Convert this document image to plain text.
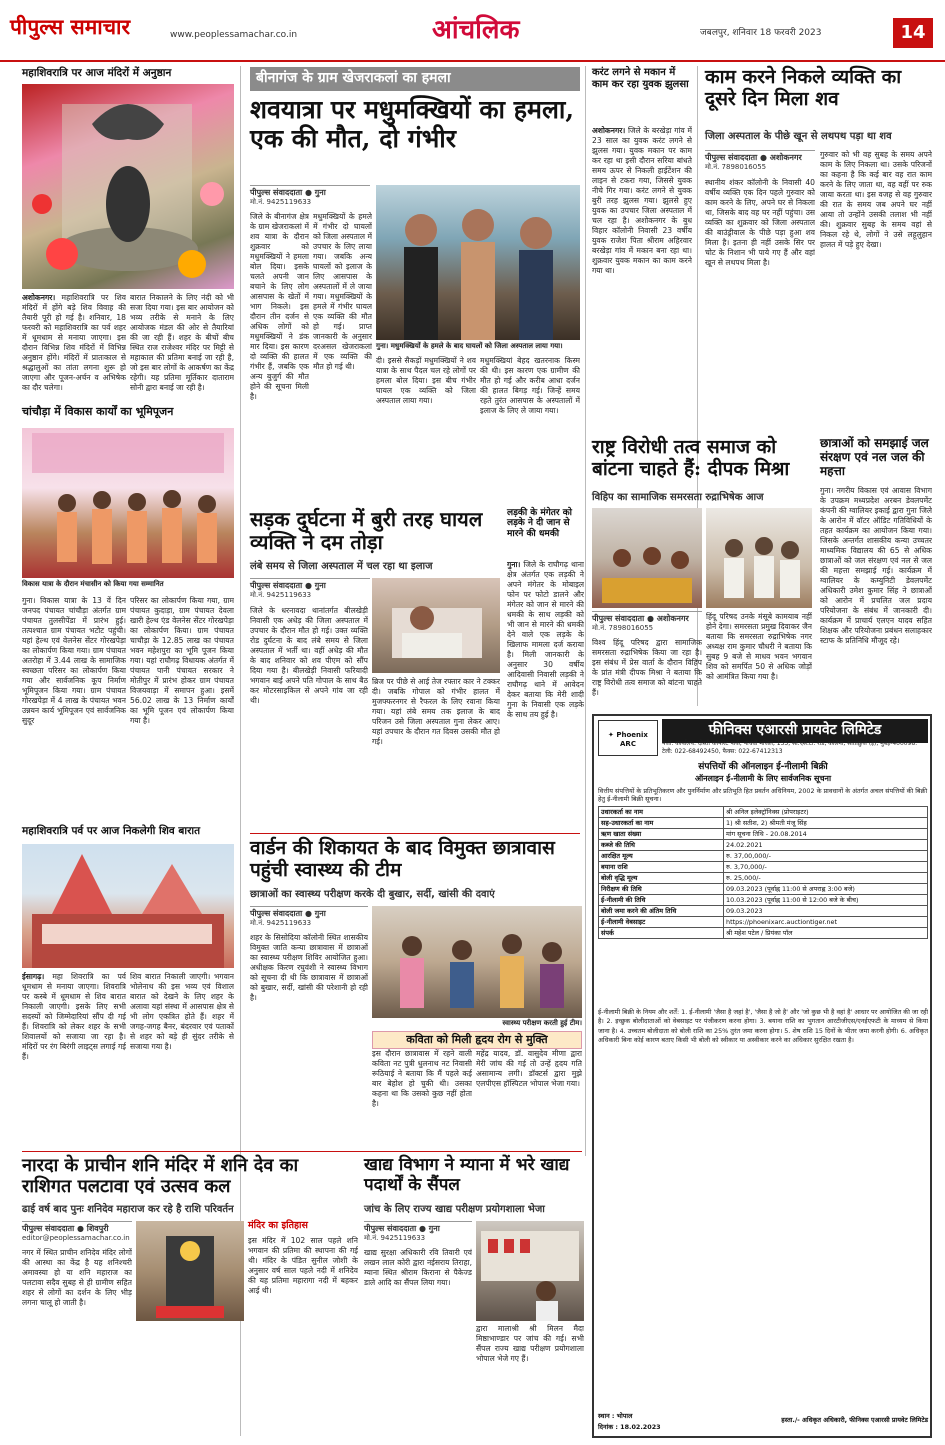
पीपुल्स समाचार	www.peoplessamachar.co.in	आंचलिक	जबलपुर, शनिवार 18 फरवरी 2023	14
महाशिवरात्रि पर आज मंदिरों में अनुष्ठान
अशोकनगर। महाशिवरात्रि पर शिव मंदिरों में होंगे बड़े शिव विवाह की तैयारी पूरी हो गई है। शनिवार, 18 फरवरी को महाशिवरात्रि का पर्व शहर में धूमधाम से मनाया जाएगा। इस दौरान विभिन्न शिव मंदिरों में विभिन्न अनुष्ठान होंगे। मंदिरों में प्रातःकाल से श्रद्धालुओं का तांता लगना शुरू हो जाएगा और पूजन-अर्चन व अभिषेक का दौर चलेगा।
बारात निकालने के लिए नंदी को भी सजा दिया गया। इस बार आयोजन को भव्य तरीके से मनाने के लिए आयोजक मंडल की ओर से तैयारियां की जा रही हैं। शहर के बीचों बीच स्थित राज राजेश्वर मंदिर पर मिट्टी से महाकाल की प्रतिमा बनाई जा रही है, जो इस बार लोगों के आकर्षण का केंद्र रहेगी। यह प्रतिमा मूर्तिकार दाताराम सोनी द्वारा बनाई जा रही है।
चांचौड़ा में विकास कार्यों का भूमिपूजन
विकास यात्रा के दौरान मंचासीन को किया गया सम्मानित
गुना। विकास यात्रा के 13 वें दिन जनपद पंचायत चांचौड़ा अंतर्गत ग्राम पंचायत तुलसीपेंडा में प्रारंभ हुई। तत्पश्चात ग्राम पंचायत भटोट पहुंची। यहां हेल्थ एवं वेलनेस सेंटर गोरखपेड़ा का लोकार्पण किया गया। ग्राम पंचायत अतरोहा में 3.44 लाख के सामाजिक स्वच्छता परिसर का लोकार्पण किया गया और सार्वजनिक कूप निर्माण भूमिपूजन किया गया। ग्राम पंचायत गोरखपेड़ा में 4 लाख के पंचायत भवन उन्नयन कार्य भूमिपूजन एवं सार्वजनिक सुदूर
परिसर का लोकार्पण किया गया, ग्राम पंचायत कुदाड़ा, ग्राम पंचायत देवला खारी हेल्थ एंड वेलनेस सेंटर गोरखपेड़ा का लोकार्पण किया। ग्राम पंचायत चाचौड़ा के 12.85 लाख का पंचायत भवन महेशपुरा का भूमि पूजन किया गया। यहां राघौगढ़ विधायक अंतर्गत में पंचायत पानी पंचायत सरकार ने मोतीपुर में प्रारंभ होकर ग्राम पंचायत विजयवाड़ा में समापन हुआ। इसमें 56.02 लाख के 13 निर्माण कार्यों का भूमि पूजन एवं लोकार्पण किया गया है।
महाशिवरात्रि पर्व पर आज निकलेगी शिव बारात
ईसागढ़। महा शिवरात्रि का पर्व धूमधाम से मनाया जाएगा। शिवरात्रि पर कस्बे में धूमधाम से शिव बारात निकाली जाएगी। इसके लिए सभी सदस्यों को जिम्मेदारियां सौंप दी गई हैं। शिवरात्रि को लेकर शहर के सभी शिवालयों को सजाया जा रहा है। मंदिरों पर रंग बिरंगी लाइट्स लगाई गई हैं।
शिव बारात निकाली जाएगी। भगवान भोलेनाथ की इस भव्य एवं विशाल बारात को देखने के लिए शहर के अलावा यहां संस्था में आसपास क्षेत्र से भी लोग एकत्रित होते हैं। शहर में जगह-जगह बैनर, बंदरवार एवं पताकों से शहर को बड़े ही सुंदर तरीके से सजाया गया है।
बीनागंज के ग्राम खेजराकलां का हमला
शवयात्रा पर मधुमक्खियों का हमला, एक की मौत, दो गंभीर
पीपुल्स संवाददाता ● गुना
मो.नं. 9425119633
गुना। मधुमक्खियों के हमले के बाद घायलों को जिला अस्पताल लाया गया।
जिले के बीनागंज क्षेत्र के ग्राम खेजराकलां में शव यात्रा के दौरान शुक्रवार को मधुमक्खियों ने हमला बोल दिया। इसके चलते अपनी जान बचाने के लिए लोग आसपास के खेतों में भाग निकले। इस दौरान तीन दर्जन से अधिक लोगों को मधुमक्खियों ने डंक मार दिया। इस कारण दो व्यक्ति की हालत गंभीर हैं, जबकि एक अन्य बुजुर्ग की मौत होने की सूचना मिली है।
मधुमक्खियों के हमले में गंभीर दो घायलों को जिला अस्पताल में उपचार के लिए लाया गया। जबकि अन्य घायलों को इलाज के लिए आसपास के अस्पतालों में ले जाया गया। मधुमक्खियों के हमले में गंभीर घायल एक व्यक्ति की मौत हो गई। प्राप्त जानकारी के अनुसार दरअसल खेजराकलां में एक व्यक्ति की मौत हो गई थी।
दी। इससे सैकड़ों मधुमक्खियों ने शव यात्रा के साथ पैदल चल रहे लोगों पर हमला बोल दिया। इस बीच गंभीर घायल एक व्यक्ति को जिला अस्पताल लाया गया।
मधुमक्खियां बेहद खतरनाक किस्म की थी। इस कारण एक ग्रामीण की मौत हो गई और करीब आधा दर्जन की हालत बिगड़ गई। जिन्हें समय रहते तुरंत आसपास के अस्पतालों में इलाज के लिए ले जाया गया।
सड़क दुर्घटना में बुरी तरह घायल व्यक्ति ने दम तोड़ा
लंबे समय से जिला अस्पताल में चल रहा था इलाज
पीपुल्स संवाददाता ● गुना
मो.नं. 9425119633
जिले के धरनावदा थानांतर्गत बीलखेड़ी निवासी एक अधेड़ की जिला अस्पताल में उपचार के दौरान मौत हो गई। उक्त व्यक्ति रोड दुर्घटना के बाद लंबे समय से जिला अस्पताल में भर्ती था। वहीं अधेड़ की मौत के बाद शनिवार को शव पीएम को सौंप दिया गया है। बीलखेड़ी निवासी फरियादी भगवान बाई अपने पति गोपाल के साथ बैठ कर मोटरसाइकिल से अपने गांव जा रही थी।
ब्रिज पर पीछे से आई तेज रफ्तार कार ने टक्कर दी। जबकि गोपाल को गंभीर हालत में मुजफ्फरनगर से रैफरल के लिए रवाना किया गया। यहां लंबे समय तक इलाज के बाद परिजन उसे जिला अस्पताल गुना लेकर आए। यहां उपचार के दौरान गत दिवस उसकी मौत हो गई।
लड़की के मंगेतर को लड़के ने दी जान से मारने की धमकी
गुना। जिले के राघौगढ़ थाना क्षेत्र अंतर्गत एक लड़की ने अपने मंगेतर के मोबाइल फोन पर फोटो डालने और मंगेतर को जान से मारने की धमकी के साथ लड़की को भी जान से मारने की धमकी देने वाले एक लड़के के खिलाफ मामला दर्ज कराया है। मिली जानकारी के अनुसार 30 वर्षीय आदिवासी निवासी लड़की ने राघौगढ़ थाने में आवेदन देकर बताया कि मेरी शादी गुना के निवासी एक लड़के के साथ तय हुई है।
करंट लगने से मकान में काम कर रहा युवक झुलसा
अशोकनगर। जिले के बरखेड़ा गांव में 23 साल का युवक करंट लगने से झुलस गया। युवक मकान पर काम कर रहा था इसी दौरान सरिया बांधते समय ऊपर से निकली हाईटेंशन की लाइन से टकरा गया, जिससे युवक नीचे गिर गया। करंट लगने से युवक बुरी तरह झुलस गया। झुलसे हुए युवक का उपचार जिला अस्पताल में चल रहा है। अशोकनगर के बुध विहार कॉलोनी निवासी 23 वर्षीय युवक राजेश पिता श्रीराम अहिरवार बरखेड़ा गांव में मकान बना रहा था। शुक्रवार युवक मकान का काम करने गया था।
काम करने निकले व्यक्ति का दूसरे दिन मिला शव
जिला अस्पताल के पीछे खून से लथपथ पड़ा था शव
पीपुल्स संवाददाता ● अशोकनगर
मो.नं. 7898016055
स्थानीय शंकर कॉलोनी के निवासी 40 वर्षीय व्यक्ति एक दिन पहले गुरुवार को काम करने के लिए, अपने घर से निकला था, जिसके बाद वह घर नहीं पहुंचा। उस व्यक्ति का शुक्रवार को जिला अस्पताल की बाउंड्रीवाल के पीछे पड़ा हुआ शव मिला है। इतना ही नहीं उसके सिर पर चोट के निशान भी पाये गए हैं और वहां खून से लथपथ मिला है।
गुरुवार को भी वह सुबह के समय अपने काम के लिए निकला था। उसके परिजनों का कहना है कि कई बार वह रात काम करने के लिए जाता था, वह वहीं पर रुक जाया करता था। इस वजह से वह गुरुवार की रात के समय जब अपने घर नहीं आया तो उन्होंने उसकी तलाश भी नहीं की। शुक्रवार सुबह के समय वहां से निकल रहे थे, लोगों ने उसे लहूलुहान हालत में पड़े हुए देखा।
राष्ट्र विरोधी तत्व समाज को बांटना चाहते हैं: दीपक मिश्रा
विहिप का सामाजिक समरसता रुद्राभिषेक आज
पीपुल्स संवाददाता ● अशोकनगर
मो.नं. 7898016055
विश्व हिंदू परिषद द्वारा सामाजिक समरसता रुद्राभिषेक किया जा रहा है। इस संबंध में प्रेस वार्ता के दौरान विहिप के प्रांत मंत्री दीपक मिश्रा ने बताया कि राष्ट्र विरोधी तत्व समाज को बांटना चाहते हैं।
हिंदू परिषद उनके मंसूबे कामयाब नहीं होने देगा। समरसता प्रमुख दिवाकर जैन बताया कि समरसता रुद्राभिषेक नगर अध्यक्ष राम कुमार चौधरी ने बताया कि सुबह 9 बजे से माधव भवन भगवान शिव को समर्पित 50 से अधिक जोड़ों को आमंत्रित किया गया है।
छात्राओं को समझाई जल संरक्षण एवं नल जल की महत्ता
गुना। नगरीय विकास एवं आवास विभाग के उपक्रम मध्यप्रदेश अरबन डेवलपमेंट कंपनी की ग्वालियर इकाई द्वारा गुना जिले के आरोन में वॉटर ऑडिट गतिविधियों के तहत कार्यक्रम का आयोजन किया गया। जिसके अन्तर्गत शासकीय कन्या उच्चतर माध्यमिक विद्यालय की 65 से अधिक छात्राओं को जल संरक्षण एवं नल से जल की महत्ता समझाई गई। कार्यक्रम में ग्वालियर के कम्युनिटी डेवलपमेंट अधिकारी उमेश कुमार सिंह ने छात्राओं को आरोन में प्रचलित जल प्रदाय परियोजना के संबंध में जानकारी दी। कार्यक्रम में प्राचार्य एलएन यादव सहित शिक्षक और परियोजना प्रबंधन सलाहकार स्टाफ के प्रतिनिधि मौजूद रहे।
वार्डन की शिकायत के बाद विमुक्त छात्रावास पहुंची स्वास्थ्य की टीम
छात्राओं का स्वास्थ्य परीक्षण करके दी बुखार, सर्दी, खांसी की दवाएं
पीपुल्स संवाददाता ● गुना
मो.नं. 9425119633
शहर के सिसोदिया कॉलोनी स्थित शासकीय विमुक्त जाति कन्या छात्रावास में छात्राओं का स्वास्थ्य परीक्षण शिविर आयोजित हुआ। अधीक्षक किरण रघुवंशी ने स्वास्थ्य विभाग को सूचना दी थी कि छात्रावास में छात्राओं को बुखार, सर्दी, खांसी की परेशानी हो रही है।
स्वास्थ्य परीक्षण करती हुई टीम।
कविता को मिली हृदय रोग से मुक्ति
इस दौरान छात्रावास में रहने वाली कविता नट पुत्री धुलनाथ नट निवासी रूठियाई ने बताया कि मैं पहले कई बार बेहोश हो चुकी थी। उसका कहना था कि उसको कुछ नहीं होता है।
महेंद्र यादव, डॉ. वासुदेव मीणा द्वारा मेरी जांच की गई तो उन्हें हृदय गति असामान्य लगी। डॉक्टर्स द्वारा मुझे एलपीएस हॉस्पिटल भोपाल भेजा गया।
नारदा के प्राचीन शनि मंदिर में शनि देव का राशिगत पलटावा एवं उत्सव कल
ढाई वर्ष बाद पुनः शनिदेव महाराज कर रहे है राशि परिवर्तन
पीपुल्स संवाददाता ● शिवपुरी
editor@peoplessamachar.co.in
नगर में स्थित प्राचीन शनिदेव मंदिर लोगों की आस्था का केंद्र है यह शनिश्चरी अमावस्या हो या शनि महाराज का पलटावा सदैव सुबह से ही ग्रामीण सहित शहर से लोगों का दर्शन के लिए भीड़ लगना चालू हो जाती है।
मंदिर का इतिहास
इस मंदिर में 102 साल पहले शनि भगवान की प्रतिमा की स्थापना की गई थी। मंदिर के पंडित सुनील जोशी के अनुसार वर्ष साल पहले नदी में शनिदेव की यह प्रतिमा महारागा नदी में बहकर आई थी।
खाद्य विभाग ने म्याना में भरे खाद्य पदार्थों के सैंपल
जांच के लिए राज्य खाद्य परीक्षण प्रयोगशाला भेजा
पीपुल्स संवाददाता ● गुना
मो.नं. 9425119633
खाद्य सुरक्षा अधिकारी रवि तिवारी एवं लखन लाल कोरी द्वारा नईसराय तिराहा, म्याना स्थित श्रीराम किराना से पैकेज्ड डाले आदि का सैंपल लिया गया।
द्वारा मालाश्री श्री मिलन मैदा मिष्ठाभाण्डार पर जांच की गई। सभी सैंपल राज्य खाद्य परीक्षण प्रयोगशाला भोपाल भेजे गए हैं।
✦ Phoenix ARC
फीनिक्स एआरसी प्रायवेट लिमिटेड
पंजी. कार्यालय: दोस्ती कॉर्पोरेट पार्क, पांचवीं मंजिल, 155, सी.एस.टी. रोड, कलिना, सांताक्रुज (ई), मुंबई-400098. टेली: 022-68492450, फैक्स: 022-67412313
संपत्तियों की ऑनलाइन ई-नीलामी बिक्री
ऑनलाइन ई-नीलामी के लिए सार्वजनिक सूचना
वित्तीय संपत्तियों के प्रतिभूतिकरण और पुनर्निर्माण और प्रतिभूति हित प्रवर्तन अधिनियम, 2002 के प्रावधानों के अंतर्गत अचल संपत्तियों की बिक्री हेतु ई-नीलामी बिक्री सूचना।
उधारकर्ता का नाम	श्री अनिल इलेक्ट्रॉनिक्स (प्रोपराइटर)
सह-उधारकर्ता का नाम	1) श्री सतीश, 2) श्रीमती मंजू सिंह
ऋण खाता संख्या	मांग सूचना तिथि - 20.08.2014
कब्जे की तिथि	24.02.2021
आरक्षित मूल्य	रु. 37,00,000/-
बयाना राशि	रु. 3,70,000/-
बोली वृद्धि मूल्य	रु. 25,000/-
निरीक्षण की तिथि	09.03.2023 (पूर्वाह्न 11:00 से अपराह्न 3:00 बजे)
ई-नीलामी की तिथि	10.03.2023 (पूर्वाह्न 11:00 से 12:00 बजे के बीच)
बोली जमा करने की अंतिम तिथि	09.03.2023
ई-नीलामी वेबसाइट	https://phoenixarc.auctiontiger.net
संपर्क	श्री महेश पटेल / प्रियंका पॉल
ई-नीलामी बिक्री के नियम और शर्तें: 1. ई-नीलामी 'जैसा है जहां है', 'जैसा है जो है' और 'जो कुछ भी है वहां है' आधार पर आयोजित की जा रही है। 2. इच्छुक बोलीदाताओं को वेबसाइट पर पंजीकरण करना होगा। 3. बयाना राशि का भुगतान आरटीजीएस/एनईएफटी के माध्यम से किया जाना है। 4. उच्चतम बोलीदाता को बोली राशि का 25% तुरंत जमा करना होगा। 5. शेष राशि 15 दिनों के भीतर जमा करनी होगी। 6. अधिकृत अधिकारी बिना कोई कारण बताए किसी भी बोली को स्वीकार या अस्वीकार करने का अधिकार सुरक्षित रखता है।
स्थान : भोपाल
दिनांक : 18.02.2023
हस्ता./- अधिकृत अधिकारी, फीनिक्स एआरसी प्रायवेट लिमिटेड
